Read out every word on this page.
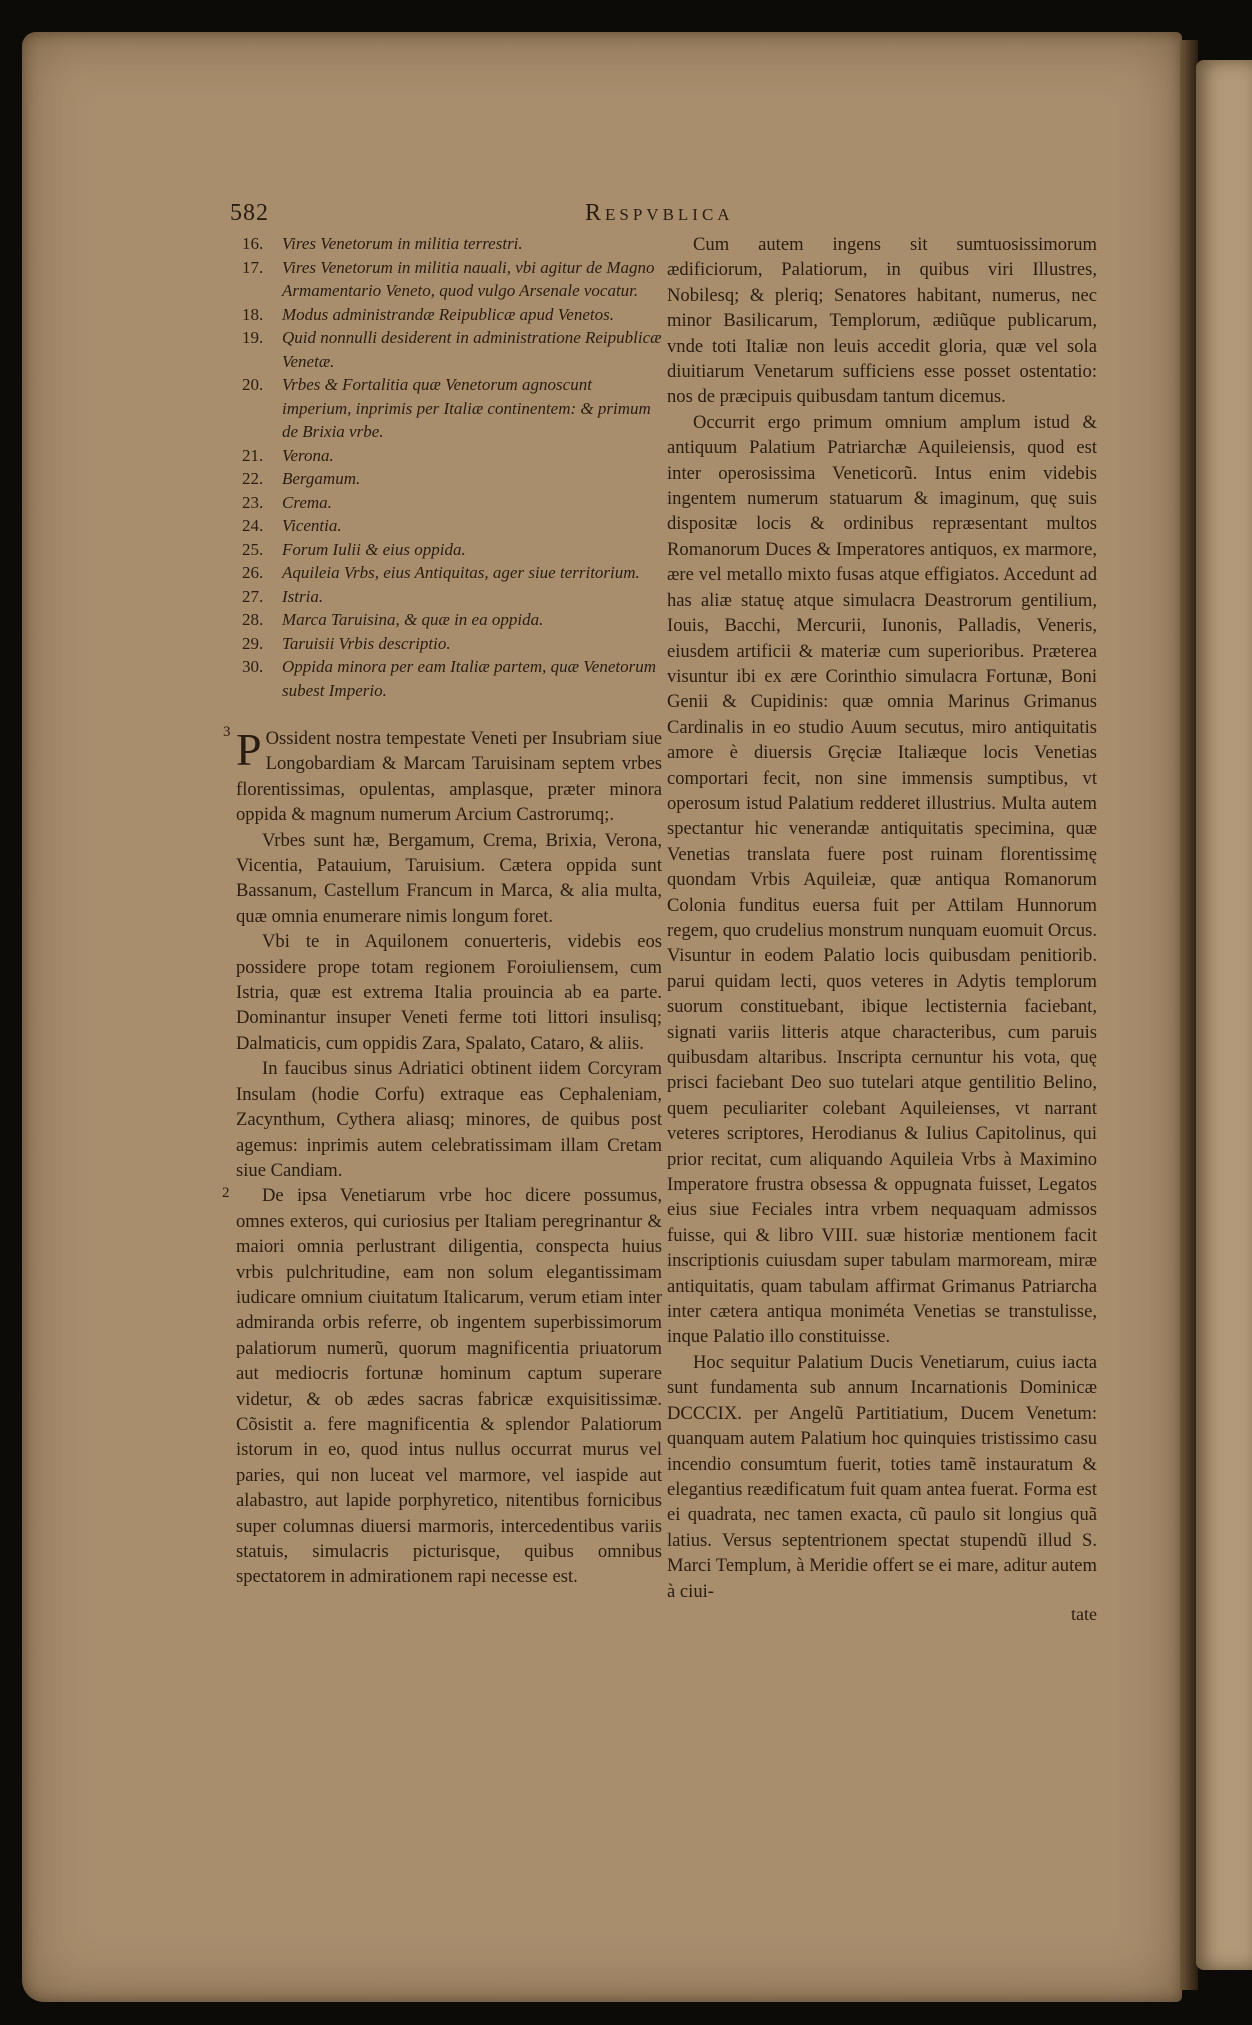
582	Respvblica
16. Vires Venetorum in militia terrestri.
17. Vires Venetorum in militia nauali, vbi agitur de Magno Armamentario Veneto, quod vulgo Arsenale vocatur.
18. Modus administrandæ Reipublicæ apud Venetos.
19. Quid nonnulli desiderent in administratione Reipublicæ Venetæ.
20. Vrbes & Fortalitia quæ Venetorum agnoscunt imperium, inprimis per Italiæ continentem: & primum de Brixia vrbe.
21. Verona.
22. Bergamum.
23. Crema.
24. Vicentia.
25. Forum Iulii & eius oppida.
26. Aquileia Vrbs, eius Antiquitas, ager siue territorium.
27. Istria.
28. Marca Taruisina, & quæ in ea oppida.
29. Taruisii Vrbis descriptio.
30. Oppida minora per eam Italiæ partem, quæ Venetorum subest Imperio.
3 P Ossident nostra tempestate Veneti per Insubriam siue Longobardiam & Marcam Taruisinam septem vrbes florentissimas, opulentas, amplasque, præter minora oppida & magnum numerum Arcium Castrorumq;.

Vrbes sunt hæ, Bergamum, Crema, Brixia, Verona, Vicentia, Patauium, Taruisium. Cætera oppida sunt Bassanum, Castellum Francum in Marca, & alia multa, quæ omnia enumerare nimis longum foret.

Vbi te in Aquilonem conuerteris, videbis eos possidere prope totam regionem Foroiuliensem, cum Istria, quæ est extrema Italia prouincia ab ea parte. Dominantur insuper Veneti ferme toti littori insulisq; Dalmaticis, cum oppidis Zara, Spalato, Cataro, & aliis.

In faucibus sinus Adriatici obtinent iidem Corcyram Insulam (hodie Corfu) extraque eas Cephaleniam, Zacynthum, Cythera aliasq; minores, de quibus post agemus: inprimis autem celebratissimam illam Cretam siue Candiam.

2	De ipsa Venetiarum vrbe hoc dicere possumus, omnes exteros, qui curiosius per Italiam peregrinantur & maiori omnia perlustrant diligentia, conspecta huius vrbis pulchritudine, eam non solum elegantissimam iudicare omnium ciuitatum Italicarum, verum etiam inter admiranda orbis referre, ob ingentem superbissimorum palatiorum numerũ, quorum magnificentia priuatorum aut mediocris fortunæ hominum captum superare videtur, & ob ædes sacras fabricæ exquisitissimæ. Cõsistit a. fere magnificentia & splendor Palatiorum istorum in eo, quod intus nullus occurrat murus vel paries, qui non luceat vel marmore, vel iaspide aut alabastro, aut lapide porphyretico, nitentibus fornicibus super columnas diuersi marmoris, intercedentibus variis statuis, simulacris picturisque, quibus omnibus spectatorem in admirationem rapi necesse est.

Cum autem ingens sit sumtuosissimorum ædificiorum, Palatiorum, in quibus viri Illustres, Nobilesq; & pleriq; Senatores habitant, numerus, nec minor Basilicarum, Templorum, ædiũque publicarum, vnde toti Italiæ non leuis accedit gloria, quæ vel sola diuitiarum Venetarum sufficiens esse posset ostentatio: nos de præcipuis quibusdam tantum dicemus.

Occurrit ergo primum omnium amplum istud & antiquum Palatium Patriarchæ Aquileiensis, quod est inter operosissima Veneticorũ. Intus enim videbis ingentem numerum statuarum & imaginum, quę suis dispositæ locis & ordinibus repræsentant multos Romanorum Duces & Imperatores antiquos, ex marmore, ære vel metallo mixto fusas atque effigiatos. Accedunt ad has aliæ statuę atque simulacra Deastrorum gentilium, Iouis, Bacchi, Mercurii, Iunonis, Palladis, Veneris, eiusdem artificii & materiæ cum superioribus. Præterea visuntur ibi ex ære Corinthio simulacra Fortunæ, Boni Genii & Cupidinis: quæ omnia Marinus Grimanus Cardinalis in eo studio Auum secutus, miro antiquitatis amore è diuersis Gręciæ Italiæque locis Venetias comportari fecit, non sine immensis sumptibus, vt operosum istud Palatium redderet illustrius. Multa autem spectantur hic venerandæ antiquitatis specimina, quæ Venetias translata fuere post ruinam florentissimę quondam Vrbis Aquileiæ, quæ antiqua Romanorum Colonia funditus euersa fuit per Attilam Hunnorum regem, quo crudelius monstrum nunquam euomuit Orcus. Visuntur in eodem Palatio locis quibusdam penitiorib. parui quidam lecti, quos veteres in Adytis templorum suorum constituebant, ibique lectisternia faciebant, signati variis litteris atque characteribus, cum paruis quibusdam altaribus. Inscripta cernuntur his vota, quę prisci faciebant Deo suo tutelari atque gentilitio Belino, quem peculiariter colebant Aquileienses, vt narrant veteres scriptores, Herodianus & Iulius Capitolinus, qui prior recitat, cum aliquando Aquileia Vrbs à Maximino Imperatore frustra obsessa & oppugnata fuisset, Legatos eius siue Feciales intra vrbem nequaquam admissos fuisse, qui & libro VIII. suæ historiæ mentionem facit inscriptionis cuiusdam super tabulam marmoream, miræ antiquitatis, quam tabulam affirmat Grimanus Patriarcha inter cætera antiqua moniméta Venetias se transtulisse, inque Palatio illo constituisse.

Hoc sequitur Palatium Ducis Venetiarum, cuius iacta sunt fundamenta sub annum Incarnationis Dominicæ DCCCIX. per Angelũ Partitiatium, Ducem Venetum: quanquam autem Palatium hoc quinquies tristissimo casu incendio consumtum fuerit, toties tamẽ instauratum & elegantius reædificatum fuit quam antea fuerat. Forma est ei quadrata, nec tamen exacta, cũ paulo sit longius quã latius. Versus septentrionem spectat stupendũ illud S. Marci Templum, à Meridie offert se ei mare, aditur autem à ciui-

tate
